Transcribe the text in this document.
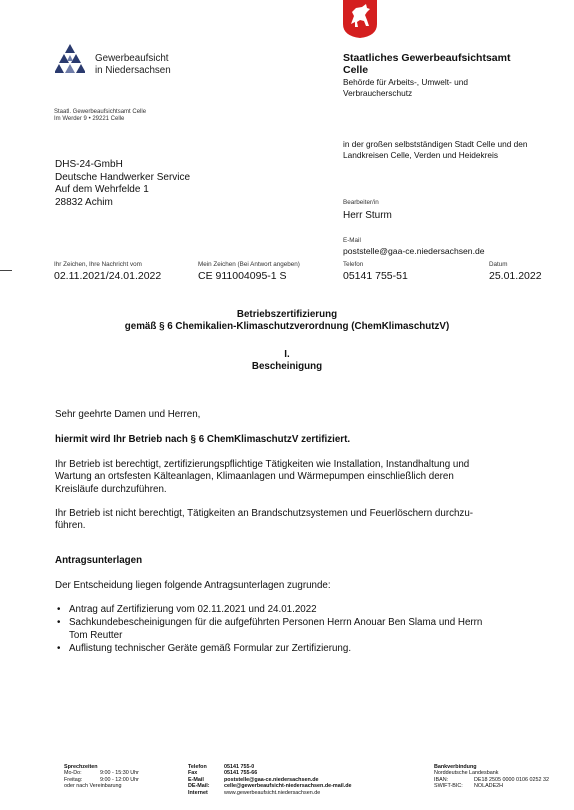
Gewerbeaufsicht
in Niedersachsen
Staatliches Gewerbeaufsichtsamt
Celle
Behörde für Arbeits-, Umwelt- und
Verbraucherschutz
Staatl. Gewerbeaufsichtsamt Celle
Im Werder 9 • 29221 Celle
in der großen selbstständigen Stadt Celle und den
Landkreisen Celle, Verden und Heidekreis
DHS-24-GmbH
Deutsche Handwerker Service
Auf dem Wehrfelde 1
28832 Achim	Bearbeiter/in
Herr Sturm
E-Mail
poststelle@gaa-ce.niedersachsen.de
Ihr Zeichen, Ihre Nachricht vom
02.11.2021/24.01.2022
Mein Zeichen (Bei Antwort angeben)
CE 911004095-1 S
Telefon
05141 755-51
Datum
25.01.2022
Betriebszertifizierung
gemäß § 6 Chemikalien-Klimaschutzverordnung (ChemKlimaschutzV)
I.
Bescheinigung
Sehr geehrte Damen und Herren,
hiermit wird Ihr Betrieb nach § 6 ChemKlimaschutzV zertifiziert.
Ihr Betrieb ist berechtigt, zertifizierungspflichtige Tätigkeiten wie Installation, Instandhaltung und
Wartung an ortsfesten Kälteanlagen, Klimaanlagen und Wärmepumpen einschließlich deren
Kreisläufe durchzuführen.
Ihr Betrieb ist nicht berechtigt, Tätigkeiten an Brandschutzsystemen und Feuerlöschern durchzu-
führen.
Antragsunterlagen
Der Entscheidung liegen folgende Antragsunterlagen zugrunde:
• Antrag auf Zertifizierung vom 02.11.2021 und 24.01.2022
• Sachkundebescheinigungen für die aufgeführten Personen Herrn Anouar Ben Slama und Herrn
Tom Reutter
• Auflistung technischer Geräte gemäß Formular zur Zertifizierung.
Sprechzeiten
Mo-Do:	9:00 - 15:30 Uhr
Freitag:	9:00 - 12:00 Uhr
oder nach Vereinbarung
Telefon	05141 755-0
Fax	05141 755-66
E-Mail	poststelle@gaa-ce.niedersachsen.de
DE-Mail:	celle@gewerbeaufsicht-niedersachsen.de-mail.de
Internet	www.gewerbeaufsicht.niedersachsen.de
Bankverbindung
Norddeutsche Landesbank
IBAN:	DE18 2505 0000 0106 0252 32
SWIFT-BIC: NOLADE2H
